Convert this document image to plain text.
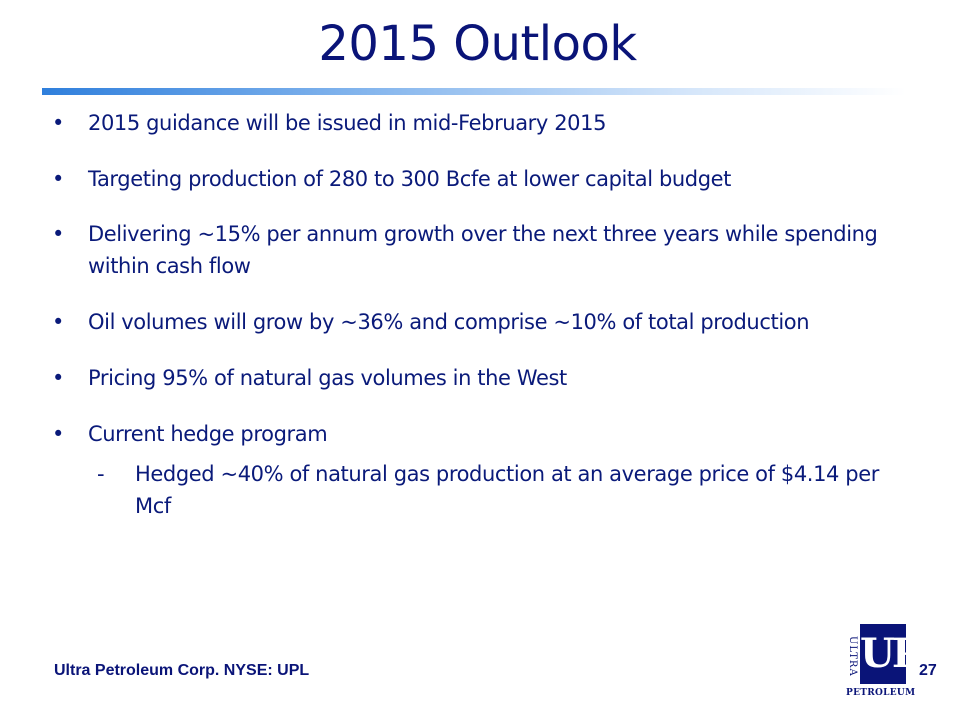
2015 Outlook
• 2015 guidance will be issued in mid-February 2015
• Targeting production of 280 to 300 Bcfe at lower capital budget
• Delivering ~15% per annum growth over the next three years while spending within cash flow
• Oil volumes will grow by ~36% and comprise ~10% of total production
• Pricing 95% of natural gas volumes in the West
• Current hedge program
- Hedged ~40% of natural gas production at an average price of $4.14 per Mcf
Ultra Petroleum Corp. NYSE: UPL	ULTRA UP
PETROLEUM
27
